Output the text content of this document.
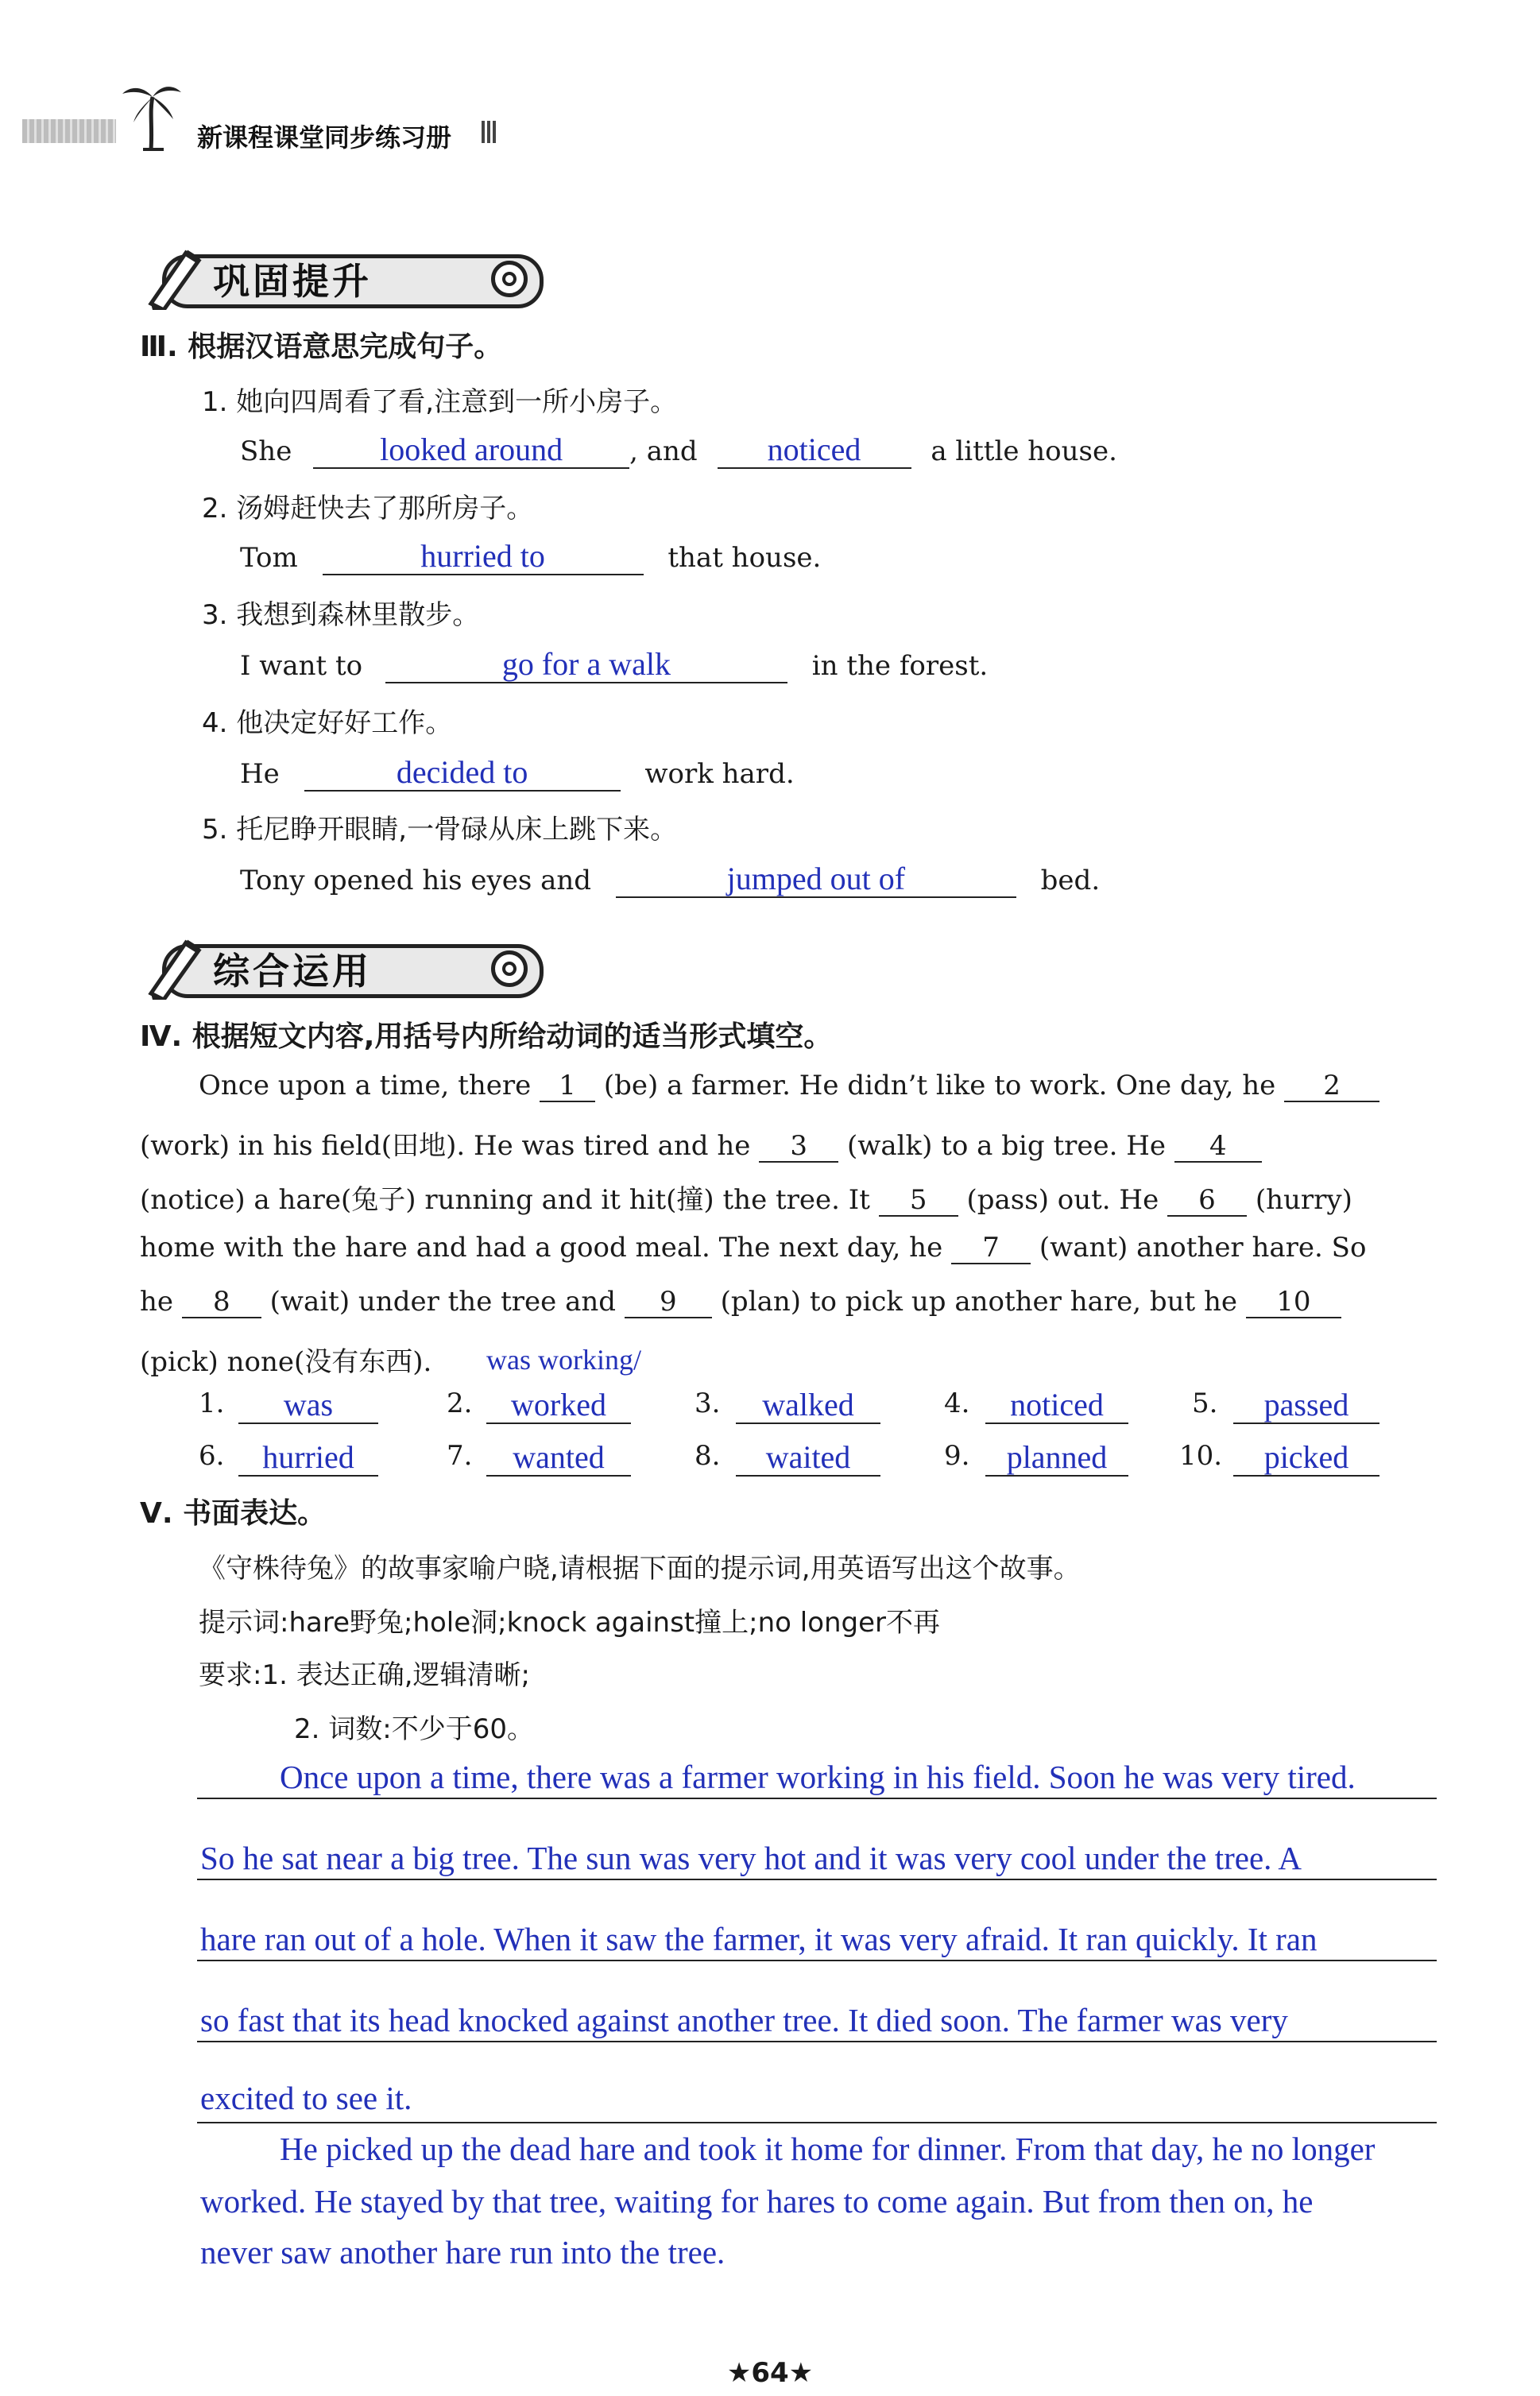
新课程课堂同步练习册
巩固提升
Ⅲ. 根据汉语意思完成句子。
1. 她向四周看了看,注意到一所小房子。
She	looked around , and noticed	a little house.
2. 汤姆赶快去了那所房子。
Tom	hurried to	that house.
3. 我想到森林里散步。
I want to	go for a walk	in the forest.
4. 他决定好好工作。
He	decided to	work hard.
5. 托尼睁开眼睛,一骨碌从床上跳下来。
Tony opened his eyes and	jumped out of	bed.
综合运用
Ⅳ. 根据短文内容,用括号内所给动词的适当形式填空。
Once upon a time, there 1 (be) a farmer. He didn’t like to work. One day, he 2
(work) in his field(田地). He was tired and he 3 (walk) to a big tree. He 4
(notice) a hare(兔子) running and it hit(撞) the tree. It 5 (pass) out. He 6 (hurry)
home with the hare and had a good meal. The next day, he 7 (want) another hare. So
he 8 (wait) under the tree and 9 (plan) to pick up another hare, but he 10
(pick) none(没有东西). was working/
1.	was	2.	worked	3.	walked	4.	noticed	5.	passed
6.	hurried	7.	wanted	8.	waited	9.	planned	10.	picked
Ⅴ. 书面表达。
《守株待兔》的故事家喻户晓,请根据下面的提示词,用英语写出这个故事。
提示词:hare野兔;hole洞;knock against撞上;no longer不再
要求:1. 表达正确,逻辑清晰;
2. 词数:不少于60。
Once upon a time, there was a farmer working in his field. Soon he was very tired.
So he sat near a big tree. The sun was very hot and it was very cool under the tree. A
hare ran out of a hole. When it saw the farmer, it was very afraid. It ran quickly. It ran
so fast that its head knocked against another tree. It died soon. The farmer was very
excited to see it.
He picked up the dead hare and took it home for dinner. From that day, he no longer
worked. He stayed by that tree, waiting for hares to come again. But from then on, he
never saw another hare run into the tree.
★64★
